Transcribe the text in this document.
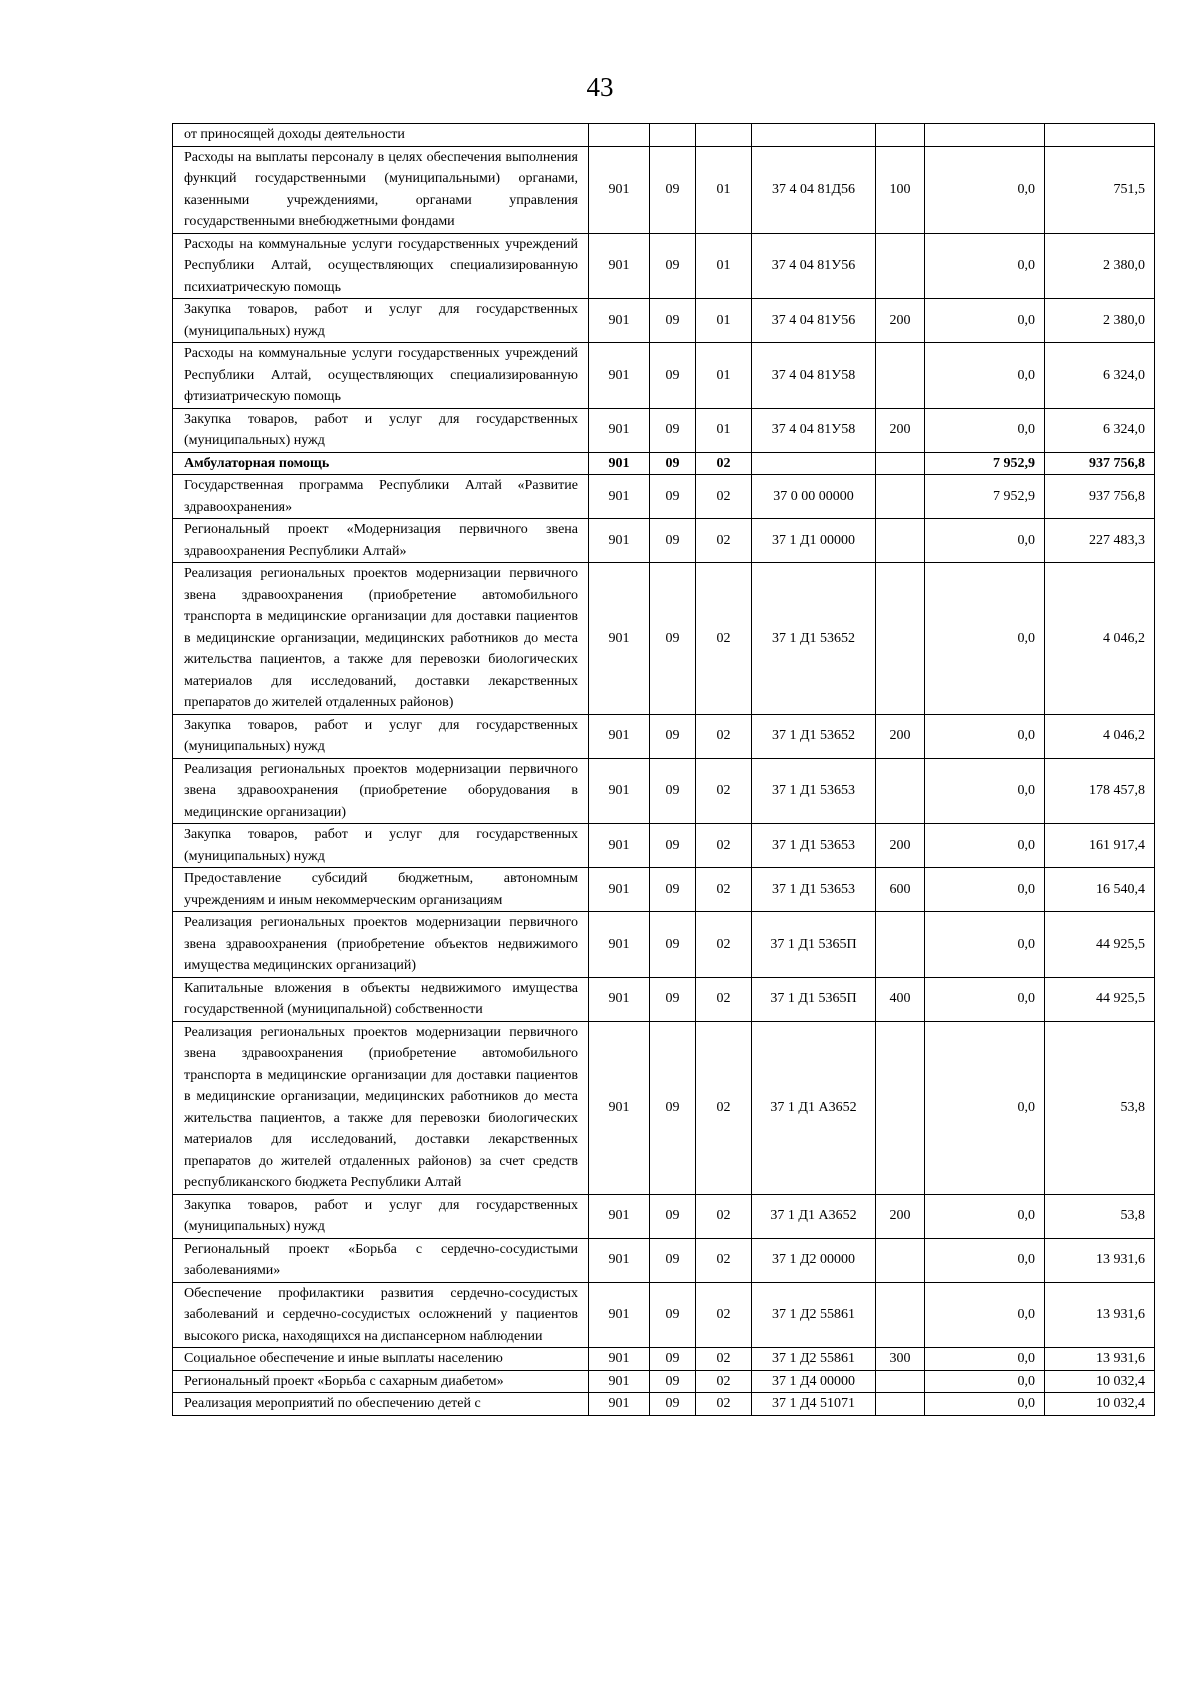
43
от приносящей доходы деятельности							
Расходы на выплаты персоналу в целях обеспечения выполнения функций государственными (муниципальными) органами, казенными учреждениями, органами управления государственными внебюджетными фондами	901	09	01	37 4 04 81Д56	100	0,0	751,5
Расходы на коммунальные услуги государственных учреждений Республики Алтай, осуществляющих специализированную психиатрическую помощь	901	09	01	37 4 04 81У56		0,0	2 380,0
Закупка товаров, работ и услуг для государственных (муниципальных) нужд	901	09	01	37 4 04 81У56	200	0,0	2 380,0
Расходы на коммунальные услуги государственных учреждений Республики Алтай, осуществляющих специализированную фтизиатрическую помощь	901	09	01	37 4 04 81У58		0,0	6 324,0
Закупка товаров, работ и услуг для государственных (муниципальных) нужд	901	09	01	37 4 04 81У58	200	0,0	6 324,0
Амбулаторная помощь	901	09	02			7 952,9	937 756,8
Государственная программа Республики Алтай «Развитие здравоохранения»	901	09	02	37 0 00 00000		7 952,9	937 756,8
Региональный проект «Модернизация первичного звена здравоохранения Республики Алтай»	901	09	02	37 1 Д1 00000		0,0	227 483,3
Реализация региональных проектов модернизации первичного звена здравоохранения (приобретение автомобильного транспорта в медицинские организации для доставки пациентов в медицинские организации, медицинских работников до места жительства пациентов, а также для перевозки биологических материалов для исследований, доставки лекарственных препаратов до жителей отдаленных районов)	901	09	02	37 1 Д1 53652		0,0	4 046,2
Закупка товаров, работ и услуг для государственных (муниципальных) нужд	901	09	02	37 1 Д1 53652	200	0,0	4 046,2
Реализация региональных проектов модернизации первичного звена здравоохранения (приобретение оборудования в медицинские организации)	901	09	02	37 1 Д1 53653		0,0	178 457,8
Закупка товаров, работ и услуг для государственных (муниципальных) нужд	901	09	02	37 1 Д1 53653	200	0,0	161 917,4
Предоставление субсидий бюджетным, автономным учреждениям и иным некоммерческим организациям	901	09	02	37 1 Д1 53653	600	0,0	16 540,4
Реализация региональных проектов модернизации первичного звена здравоохранения (приобретение объектов недвижимого имущества медицинских организаций)	901	09	02	37 1 Д1 5365П		0,0	44 925,5
Капитальные вложения в объекты недвижимого имущества государственной (муниципальной) собственности	901	09	02	37 1 Д1 5365П	400	0,0	44 925,5
Реализация региональных проектов модернизации первичного звена здравоохранения (приобретение автомобильного транспорта в медицинские организации для доставки пациентов в медицинские организации, медицинских работников до места жительства пациентов, а также для перевозки биологических материалов для исследований, доставки лекарственных препаратов до жителей отдаленных районов) за счет средств республиканского бюджета Республики Алтай	901	09	02	37 1 Д1 А3652		0,0	53,8
Закупка товаров, работ и услуг для государственных (муниципальных) нужд	901	09	02	37 1 Д1 А3652	200	0,0	53,8
Региональный проект «Борьба с сердечно-сосудистыми заболеваниями»	901	09	02	37 1 Д2 00000		0,0	13 931,6
Обеспечение профилактики развития сердечно-сосудистых заболеваний и сердечно-сосудистых осложнений у пациентов высокого риска, находящихся на диспансерном наблюдении	901	09	02	37 1 Д2 55861		0,0	13 931,6
Социальное обеспечение и иные выплаты населению	901	09	02	37 1 Д2 55861	300	0,0	13 931,6
Региональный проект «Борьба с сахарным диабетом»	901	09	02	37 1 Д4 00000		0,0	10 032,4
Реализация мероприятий по обеспечению детей с	901	09	02	37 1 Д4 51071		0,0	10 032,4
